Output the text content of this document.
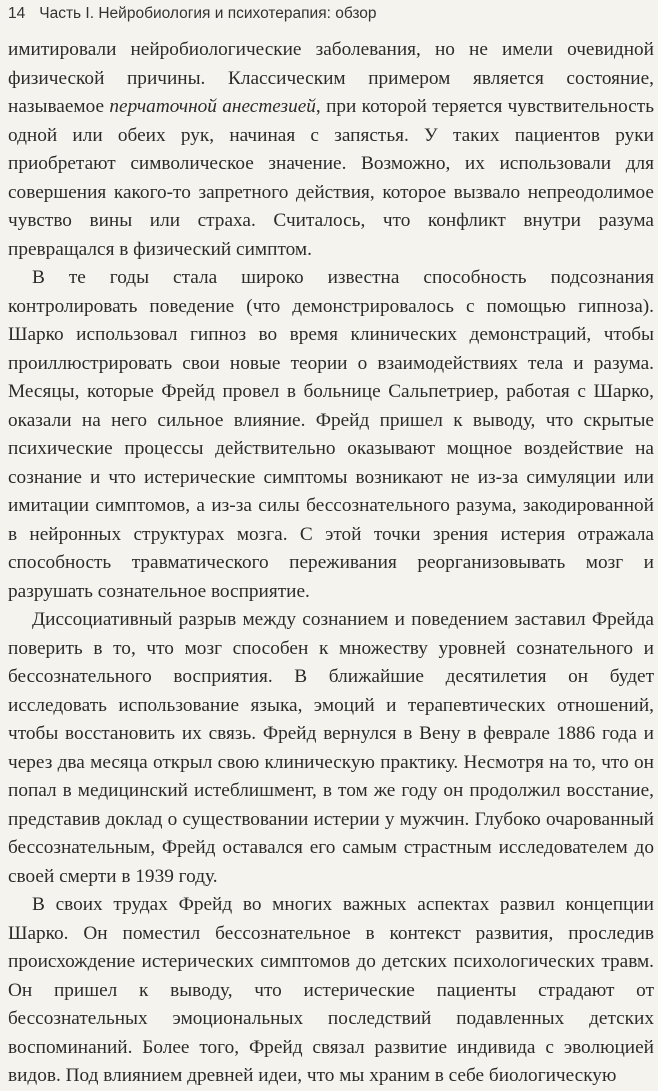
14 Часть I. Нейробиология и психотерапия: обзор

имитировали нейробиологические заболевания, но не имели очевидной физической причины. Классическим примером является состояние, называемое перчаточной анестезией, при которой теряется чувствительность одной или обеих рук, начиная с запястья. У таких пациентов руки приобретают символическое значение. Возможно, их использовали для совершения какого-то запретного действия, которое вызвало непреодолимое чувство вины или страха. Считалось, что конфликт внутри разума превращался в физический симптом.

В те годы стала широко известна способность подсознания контролировать поведение (что демонстрировалось с помощью гипноза). Шарко использовал гипноз во время клинических демонстраций, чтобы проиллюстрировать свои новые теории о взаимодействиях тела и разума. Месяцы, которые Фрейд провел в больнице Сальпетриер, работая с Шарко, оказали на него сильное влияние. Фрейд пришел к выводу, что скрытые психические процессы действительно оказывают мощное воздействие на сознание и что истерические симптомы возникают не из-за симуляции или имитации симптомов, а из-за силы бессознательного разума, закодированной в нейронных структурах мозга. С этой точки зрения истерия отражала способность травматического переживания реорганизовывать мозг и разрушать сознательное восприятие.

Диссоциативный разрыв между сознанием и поведением заставил Фрейда поверить в то, что мозг способен к множеству уровней сознательного и бессознательного восприятия. В ближайшие десятилетия он будет исследовать использование языка, эмоций и терапевтических отношений, чтобы восстановить их связь. Фрейд вернулся в Вену в феврале 1886 года и через два месяца открыл свою клиническую практику. Несмотря на то, что он попал в медицинский истеблишмент, в том же году он продолжил восстание, представив доклад о существовании истерии у мужчин. Глубоко очарованный бессознательным, Фрейд оставался его самым страстным исследователем до своей смерти в 1939 году.

В своих трудах Фрейд во многих важных аспектах развил концепции Шарко. Он поместил бессознательное в контекст развития, проследив происхождение истерических симптомов до детских психологических травм. Он пришел к выводу, что истерические пациенты страдают от бессознательных эмоциональных последствий подавленных детских воспоминаний. Более того, Фрейд связал развитие индивида с эволюцией видов. Под влиянием древней идеи, что мы храним в себе биологическую
